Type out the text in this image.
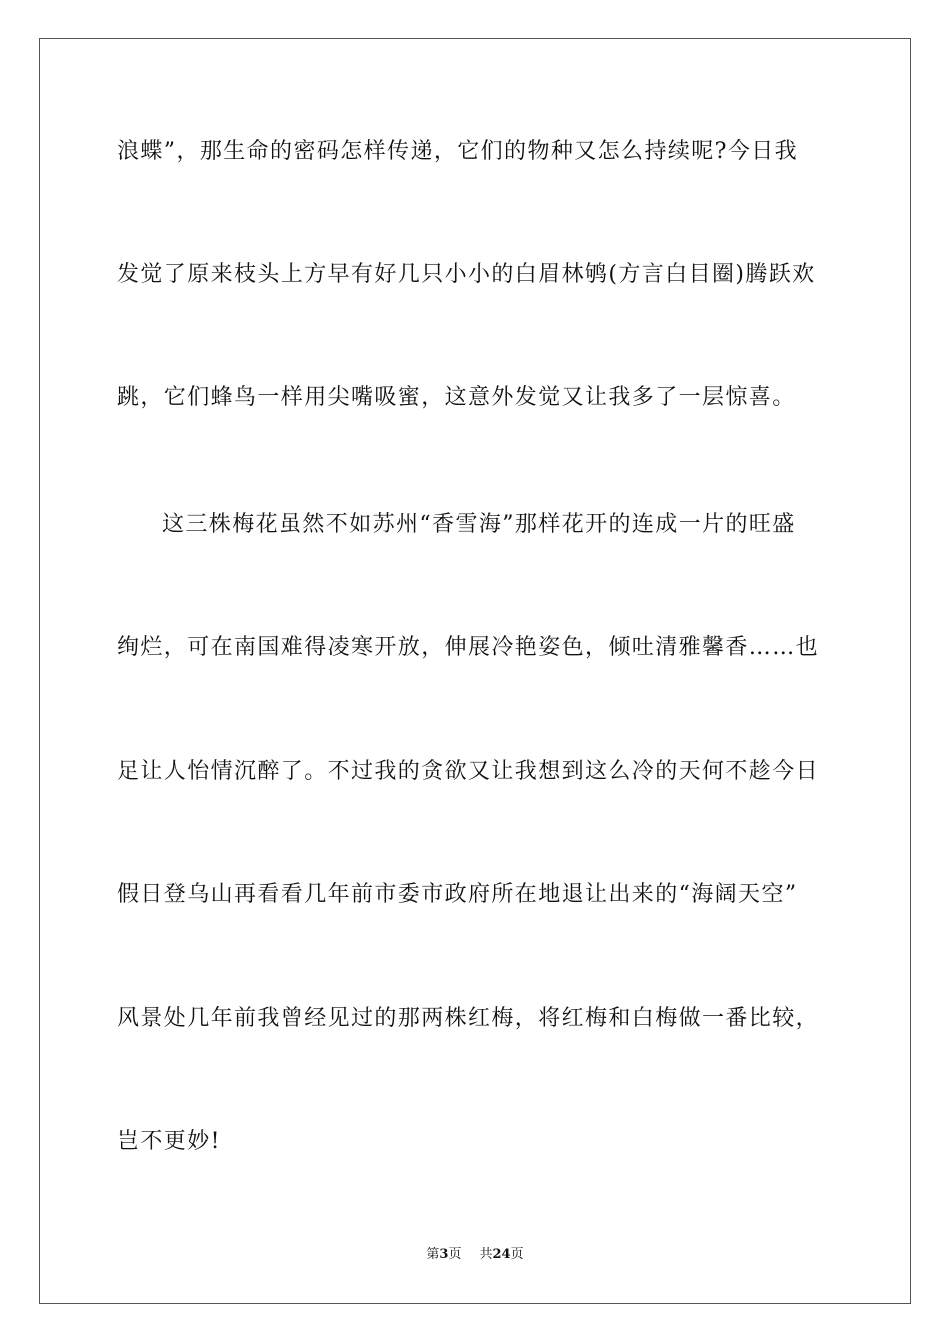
浪蝶”，那生命的密码怎样传递，它们的物种又怎么持续呢?今日我
发觉了原来枝头上方早有好几只小小的白眉林鸲(方言白目圈)腾跃欢
跳，它们蜂鸟一样用尖嘴吸蜜，这意外发觉又让我多了一层惊喜。
这三株梅花虽然不如苏州“香雪海”那样花开的连成一片的旺盛
绚烂，可在南国难得凌寒开放，伸展冷艳姿色，倾吐清雅馨香……也
足让人怡情沉醉了。不过我的贪欲又让我想到这么冷的天何不趁今日
假日登乌山再看看几年前市委市政府所在地退让出来的“海阔天空”
风景处几年前我曾经见过的那两株红梅，将红梅和白梅做一番比较，
岂不更妙!
第3页 共24页
